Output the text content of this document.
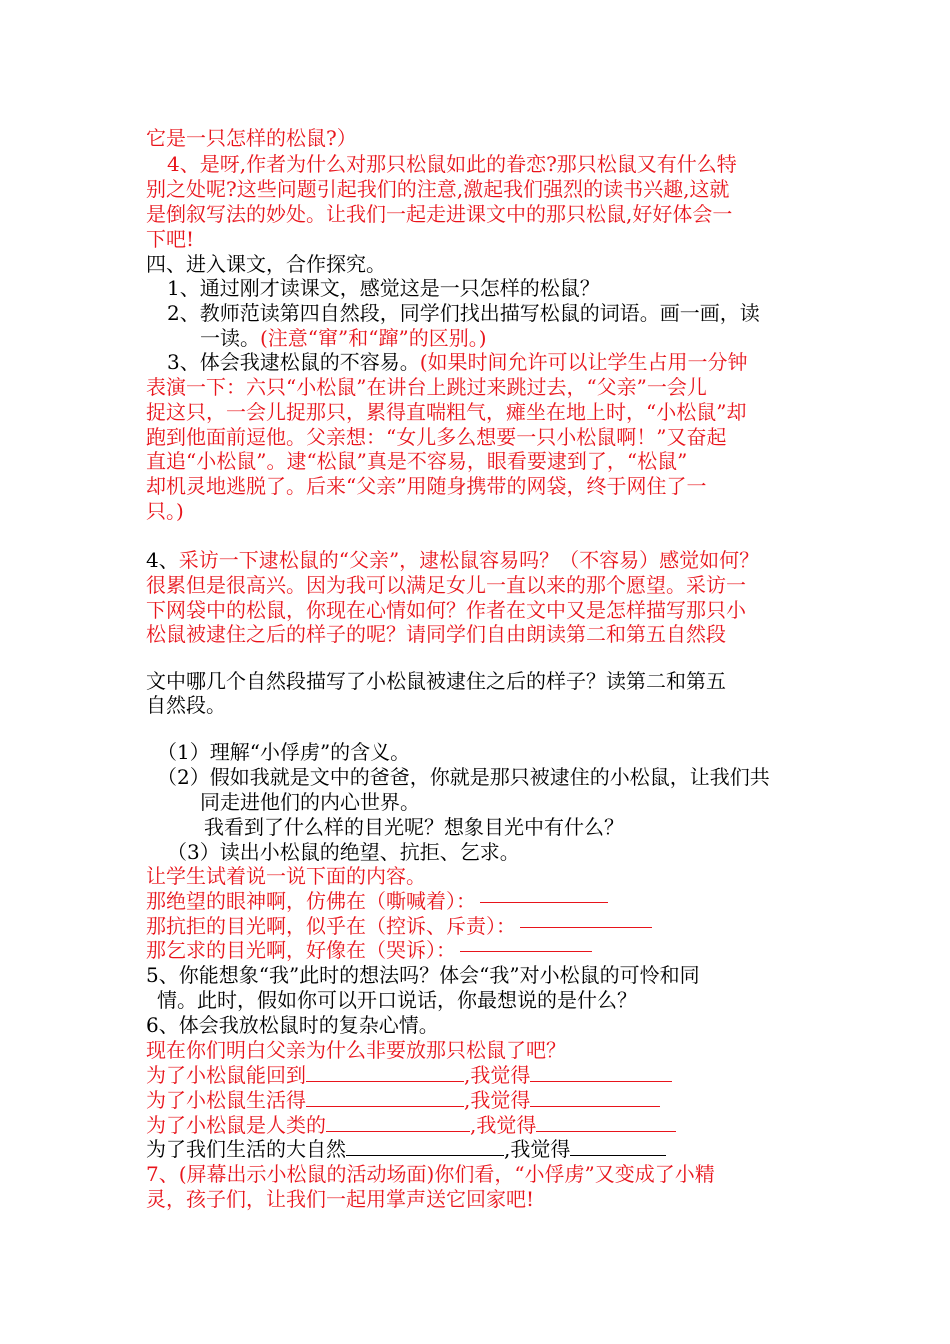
它是一只怎样的松鼠?）
4、是呀,作者为什么对那只松鼠如此的眷恋?那只松鼠又有什么特
别之处呢?这些问题引起我们的注意,激起我们强烈的读书兴趣,这就
是倒叙写法的妙处。让我们一起走进课文中的那只松鼠,好好体会一
下吧!
四、进入课文，合作探究。
1、通过刚才读课文，感觉这是一只怎样的松鼠？
2、教师范读第四自然段，同学们找出描写松鼠的词语。画一画，读
一读。(注意“窜”和“蹿”的区别。)
3、体会我逮松鼠的不容易。(如果时间允许可以让学生占用一分钟
表演一下：六只“小松鼠”在讲台上跳过来跳过去，“父亲”一会儿
捉这只，一会儿捉那只，累得直喘粗气，瘫坐在地上时，“小松鼠”却
跑到他面前逗他。父亲想：“女儿多么想要一只小松鼠啊！”又奋起
直追“小松鼠”。逮“松鼠”真是不容易，眼看要逮到了，“松鼠”
却机灵地逃脱了。后来“父亲”用随身携带的网袋，终于网住了一
只。)
4、采访一下逮松鼠的“父亲”，逮松鼠容易吗？（不容易）感觉如何？
很累但是很高兴。因为我可以满足女儿一直以来的那个愿望。采访一
下网袋中的松鼠，你现在心情如何？作者在文中又是怎样描写那只小
松鼠被逮住之后的样子的呢？请同学们自由朗读第二和第五自然段
文中哪几个自然段描写了小松鼠被逮住之后的样子？读第二和第五
自然段。
（1）理解“小俘虏”的含义。
（2）假如我就是文中的爸爸，你就是那只被逮住的小松鼠，让我们共
同走进他们的内心世界。
我看到了什么样的目光呢？想象目光中有什么？
（3）读出小松鼠的绝望、抗拒、乞求。
让学生试着说一说下面的内容。
那绝望的眼神啊，仿佛在（嘶喊着）：
那抗拒的目光啊，似乎在（控诉、斥责）：
那乞求的目光啊，好像在（哭诉）：
5、你能想象“我”此时的想法吗？体会“我”对小松鼠的可怜和同
情。此时，假如你可以开口说话，你最想说的是什么？
6、体会我放松鼠时的复杂心情。
现在你们明白父亲为什么非要放那只松鼠了吧？
为了小松鼠能回到	,我觉得
为了小松鼠生活得	,我觉得
为了小松鼠是人类的	,我觉得
为了我们生活的大自然	,我觉得
7、(屏幕出示小松鼠的活动场面)你们看，“小俘虏”又变成了小精
灵，孩子们，让我们一起用掌声送它回家吧!
